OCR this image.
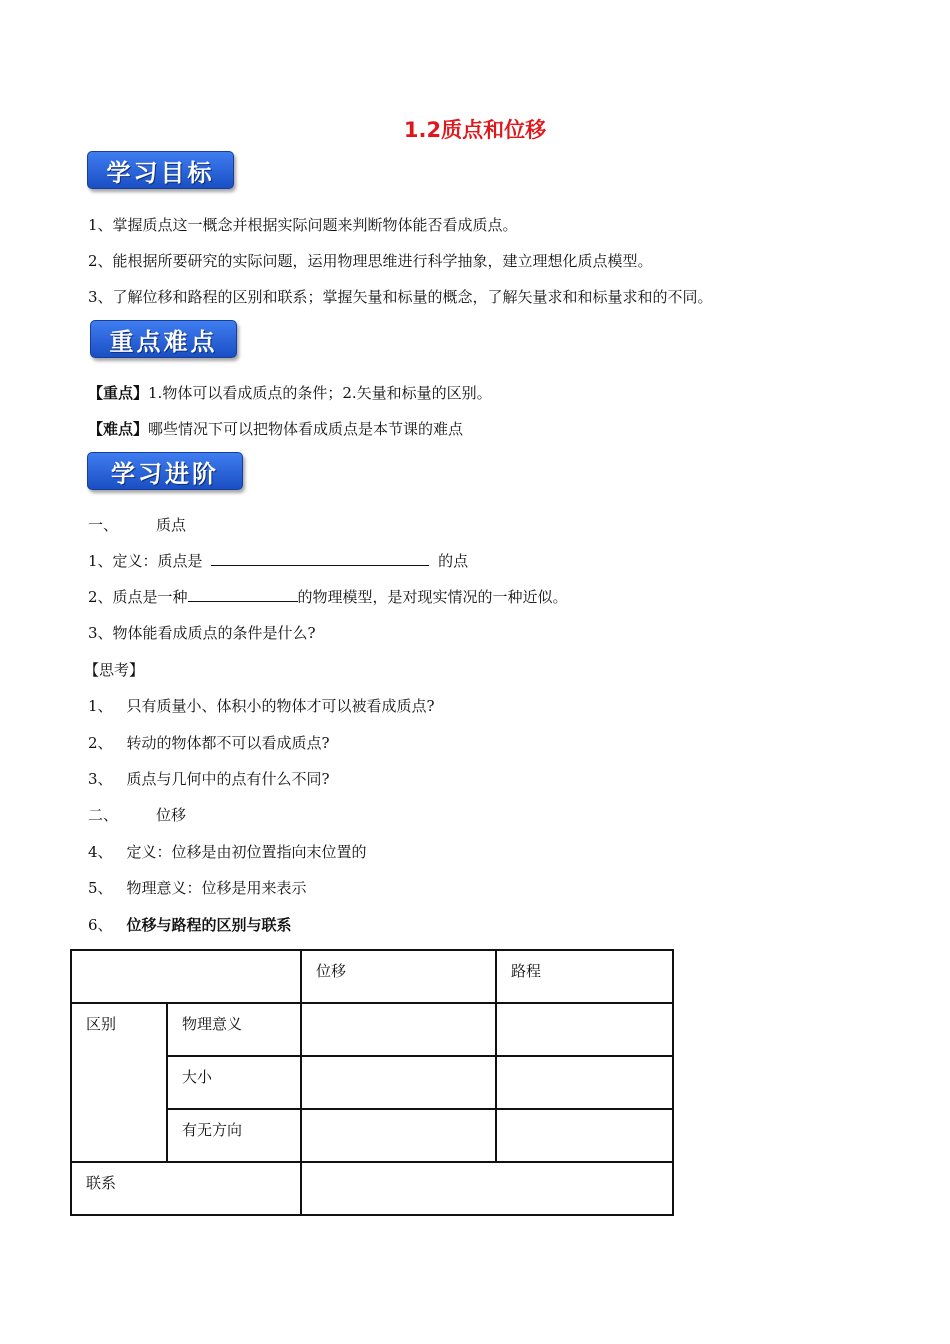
1.2质点和位移
学习目标
1、掌握质点这一概念并根据实际问题来判断物体能否看成质点。
2、能根据所要研究的实际问题，运用物理思维进行科学抽象，建立理想化质点模型。
3、了解位移和路程的区别和联系；掌握矢量和标量的概念，了解矢量求和和标量求和的不同。
重点难点
【重点】1.物体可以看成质点的条件；2.矢量和标量的区别。
【难点】哪些情况下可以把物体看成质点是本节课的难点
学习进阶
一、	质点
1、定义：质点是	的点
2、质点是一种	的物理模型，是对现实情况的一种近似。
3、物体能看成质点的条件是什么?
【思考】
1、 只有质量小、体积小的物体才可以被看成质点?
2、 转动的物体都不可以看成质点?
3、 质点与几何中的点有什么不同?
二、	位移
4、 定义：位移是由初位置指向末位置的
5、 物理意义：位移是用来表示
6、 位移与路程的区别与联系
		位移	路程
区别	物理意义		
	大小		
	有无方向		
联系			
